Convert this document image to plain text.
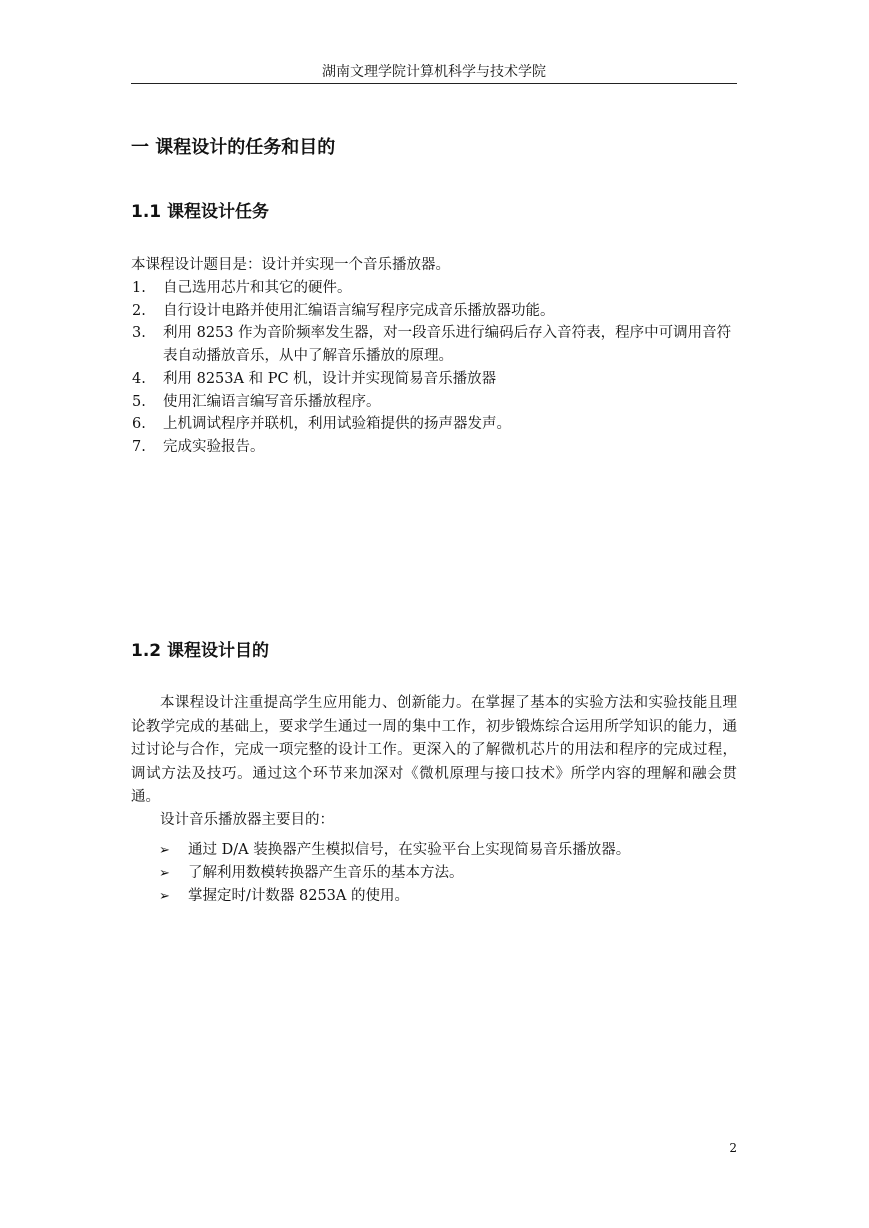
湖南文理学院计算机科学与技术学院
一 课程设计的任务和目的
1.1 课程设计任务
本课程设计题目是：设计并实现一个音乐播放器。
1. 自己选用芯片和其它的硬件。
2. 自行设计电路并使用汇编语言编写程序完成音乐播放器功能。
3. 利用 8253 作为音阶频率发生器，对一段音乐进行编码后存入音符表，程序中可调用音符表自动播放音乐，从中了解音乐播放的原理。
4. 利用 8253A 和 PC 机，设计并实现简易音乐播放器
5. 使用汇编语言编写音乐播放程序。
6. 上机调试程序并联机，利用试验箱提供的扬声器发声。
7. 完成实验报告。
1.2 课程设计目的
本课程设计注重提高学生应用能力、创新能力。在掌握了基本的实验方法和实验技能且理论教学完成的基础上，要求学生通过一周的集中工作，初步锻炼综合运用所学知识的能力，通过讨论与合作，完成一项完整的设计工作。更深入的了解微机芯片的用法和程序的完成过程，调试方法及技巧。通过这个环节来加深对《微机原理与接口技术》所学内容的理解和融会贯通。
设计音乐播放器主要目的：
➢ 通过 D/A 装换器产生模拟信号，在实验平台上实现简易音乐播放器。
➢ 了解利用数模转换器产生音乐的基本方法。
➢ 掌握定时/计数器 8253A 的使用。
2
